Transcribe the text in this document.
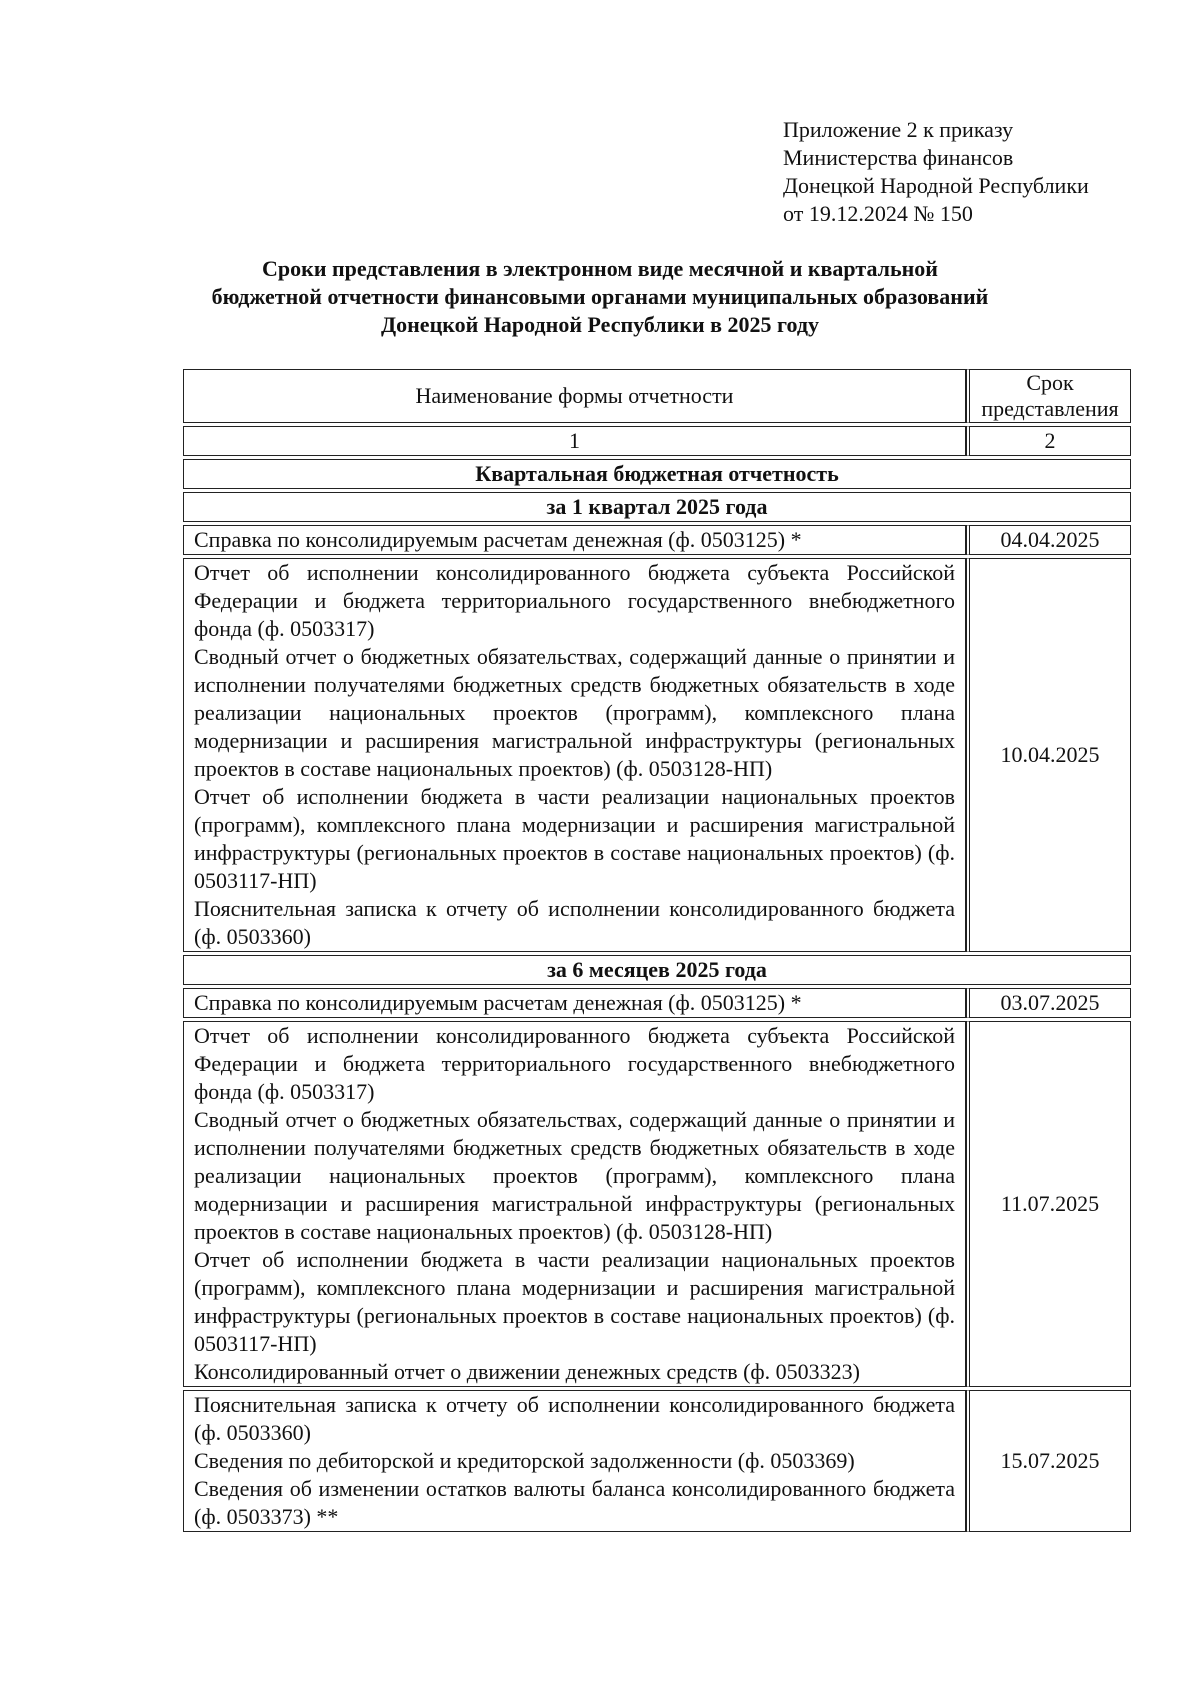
Приложение 2 к приказу
Министерства финансов
Донецкой Народной Республики
от 19.12.2024 № 150
Сроки представления в электронном виде месячной и квартальной
бюджетной отчетности финансовыми органами муниципальных образований
Донецкой Народной Республики в 2025 году
Наименование формы отчетности	Срок
представления

1	2
Квартальная бюджетная отчетность	
за 1 квартал 2025 года	
Справка по консолидируемым расчетам денежная (ф. 0503125) *	04.04.2025

Отчет об исполнении консолидированного бюджета субъекта Российской Федерации и бюджета территориального государственного внебюджетного фонда (ф. 0503317)
Сводный отчет о бюджетных обязательствах, содержащий данные о принятии и исполнении получателями бюджетных средств бюджетных обязательств в ходе реализации национальных проектов (программ), комплексного плана модернизации и расширения магистральной инфраструктуры (региональных проектов в составе национальных проектов) (ф. 0503128-НП)
Отчет об исполнении бюджета в части реализации национальных проектов (программ), комплексного плана модернизации и расширения магистральной инфраструктуры (региональных проектов в составе национальных проектов) (ф. 0503117-НП)
Пояснительная записка к отчету об исполнении консолидированного бюджета (ф. 0503360)	10.04.2025
за 6 месяцев 2025 года	
Справка по консолидируемым расчетам денежная (ф. 0503125) *	03.07.2025

Отчет об исполнении консолидированного бюджета субъекта Российской Федерации и бюджета территориального государственного внебюджетного фонда (ф. 0503317)
Сводный отчет о бюджетных обязательствах, содержащий данные о принятии и исполнении получателями бюджетных средств бюджетных обязательств в ходе реализации национальных проектов (программ), комплексного плана модернизации и расширения магистральной инфраструктуры (региональных проектов в составе национальных проектов) (ф. 0503128-НП)
Отчет об исполнении бюджета в части реализации национальных проектов (программ), комплексного плана модернизации и расширения магистральной инфраструктуры (региональных проектов в составе национальных проектов) (ф. 0503117-НП)
Консолидированный отчет о движении денежных средств (ф. 0503323)	11.07.2025

Пояснительная записка к отчету об исполнении консолидированного бюджета (ф. 0503360)
Сведения по дебиторской и кредиторской задолженности (ф. 0503369)
Сведения об изменении остатков валюты баланса консолидированного бюджета (ф. 0503373) **	15.07.2025
